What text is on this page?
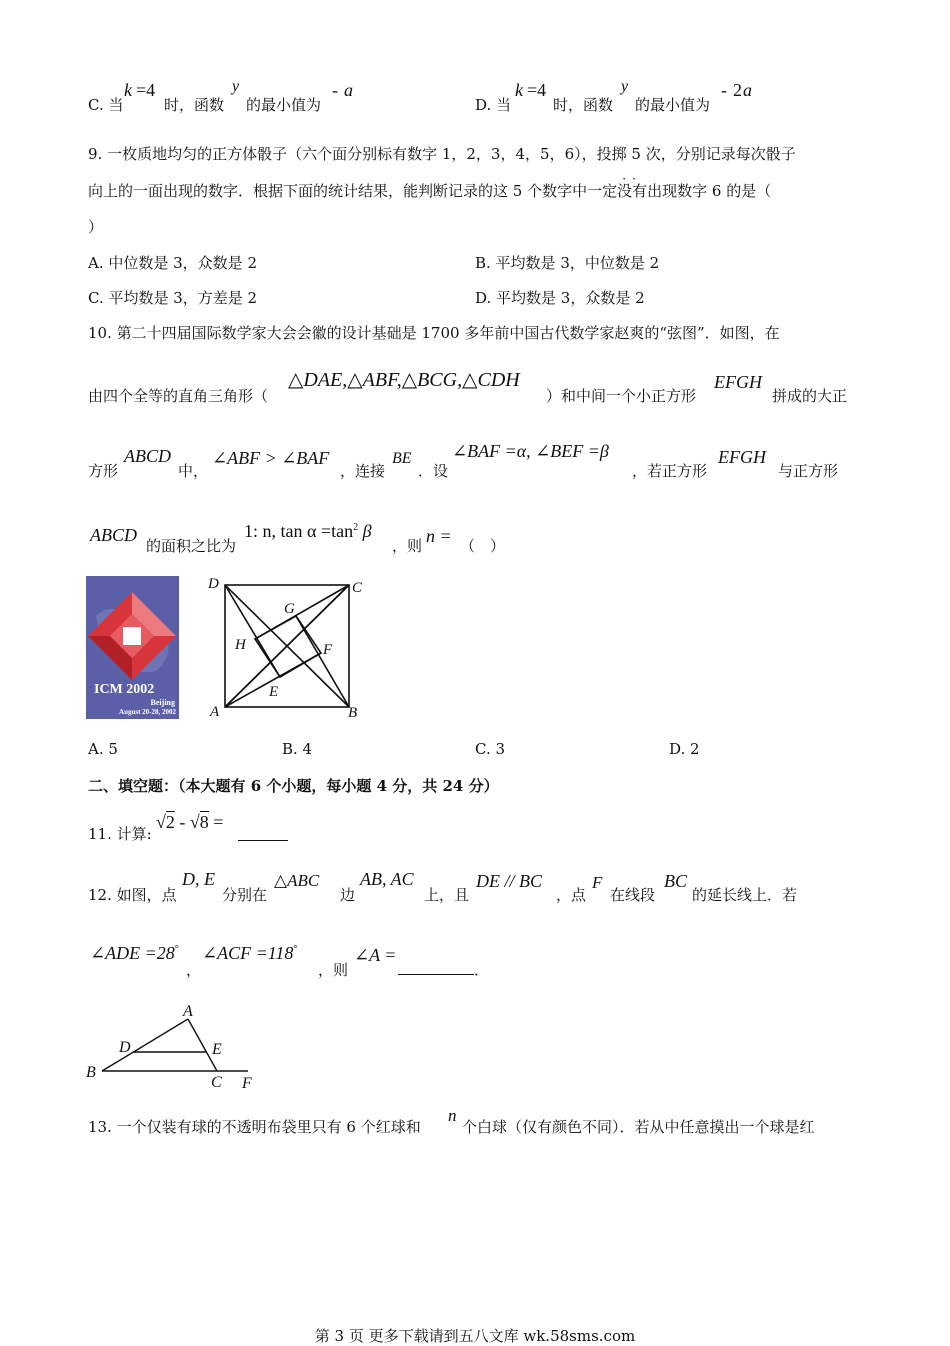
C. 当
k =4
时，函数
y
的最小值为
- a
D. 当
k =4
时，函数
y
的最小值为
- 2 a
9. 一枚质地均匀的正方体骰子（六个面分别标有数字 1，2，3，4，5，6），投掷 5 次，分别记录每次骰子
向上的一面出现的数字．根据下面的统计结果，能判断记录的这 5 个数字中一定没有
··
出现数字 6 的是（
）
A. 中位数是 3，众数是 2	B. 平均数是 3，中位数是 2
C. 平均数是 3，方差是 2	D. 平均数是 3，众数是 2
10. 第二十四届国际数学家大会会徽的设计基础是 1700 多年前中国古代数学家赵爽的“弦图”．如图，在
由四个全等的直角三角形（
△DAE,△ABF,△BCG,△CDH
）和中间一个小正方形
EFGH
拼成的大正
方形
ABCD
中，
∠ABF > ∠BAF
，连接
BE
．设
∠BAF =α, ∠BEF =β
，若正方形
EFGH
与正方形
ABCD
的面积之比为
1: n, $\tan \alpha =\tan^2$ β
，则 n = （　）
ICM 2002
Beijing
August 20-28, 2002
D	C
G
H	F
E
A	B
A. 5	B. 4	C. 3	D. 2
二、填空题：（本大题有 6 个小题，每小题 4 分，共 24 分）
11. 计算:
√2 - √8 =
12. 如图，点
D, E
分别在
△ABC
边
AB, AC
上，且
DE // BC
，点
F
在线段
BC
的延长线上．若
∠ADE =28°
，
∠ACF =118°
，则
∠A =
．
A
D	E
B
C F
13. 一个仅装有球的不透明布袋里只有 6 个红球和
n
个白球（仅有颜色不同）．若从中任意摸出一个球是红
第 3 页 更多下载请到五八文库 wk.58sms.com
